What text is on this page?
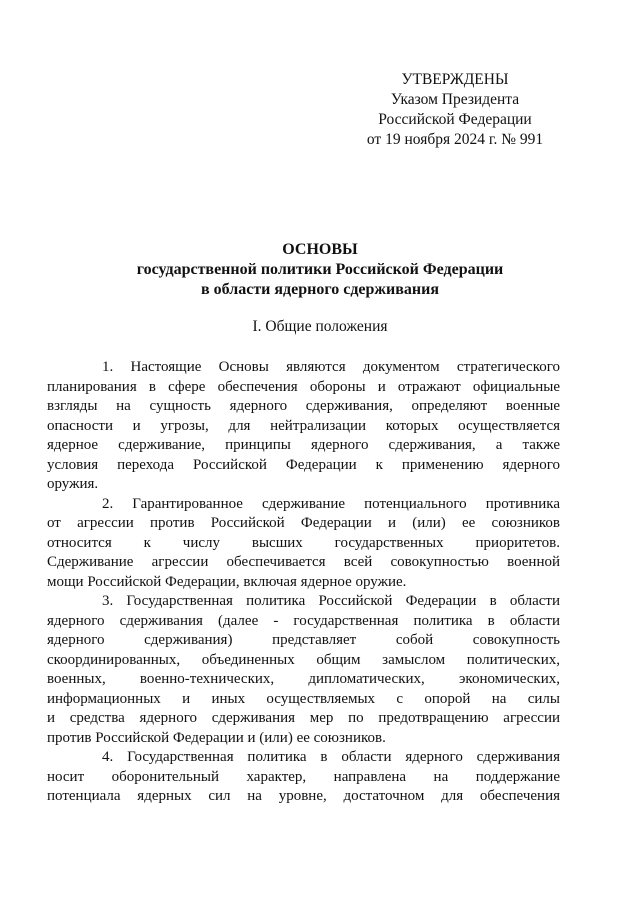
УТВЕРЖДЕНЫ
Указом Президента
Российской Федерации
от 19 ноября 2024 г. № 991
ОСНОВЫ
государственной политики Российской Федерации
в области ядерного сдерживания
I. Общие положения
1. Настоящие Основы являются документом стратегического
планирования в сфере обеспечения обороны и отражают официальные
взгляды на сущность ядерного сдерживания, определяют военные
опасности и угрозы, для нейтрализации которых осуществляется
ядерное сдерживание, принципы ядерного сдерживания, а также
условия перехода Российской Федерации к применению ядерного
оружия.
2. Гарантированное сдерживание потенциального противника
от агрессии против Российской Федерации и (или) ее союзников
относится к числу высших государственных приоритетов.
Сдерживание агрессии обеспечивается всей совокупностью военной
мощи Российской Федерации, включая ядерное оружие.
3. Государственная политика Российской Федерации в области
ядерного сдерживания (далее - государственная политика в области
ядерного сдерживания) представляет собой совокупность
скоординированных, объединенных общим замыслом политических,
военных, военно-технических, дипломатических, экономических,
информационных и иных осуществляемых с опорой на силы
и средства ядерного сдерживания мер по предотвращению агрессии
против Российской Федерации и (или) ее союзников.
4. Государственная политика в области ядерного сдерживания
носит оборонительный характер, направлена на поддержание
потенциала ядерных сил на уровне, достаточном для обеспечения
